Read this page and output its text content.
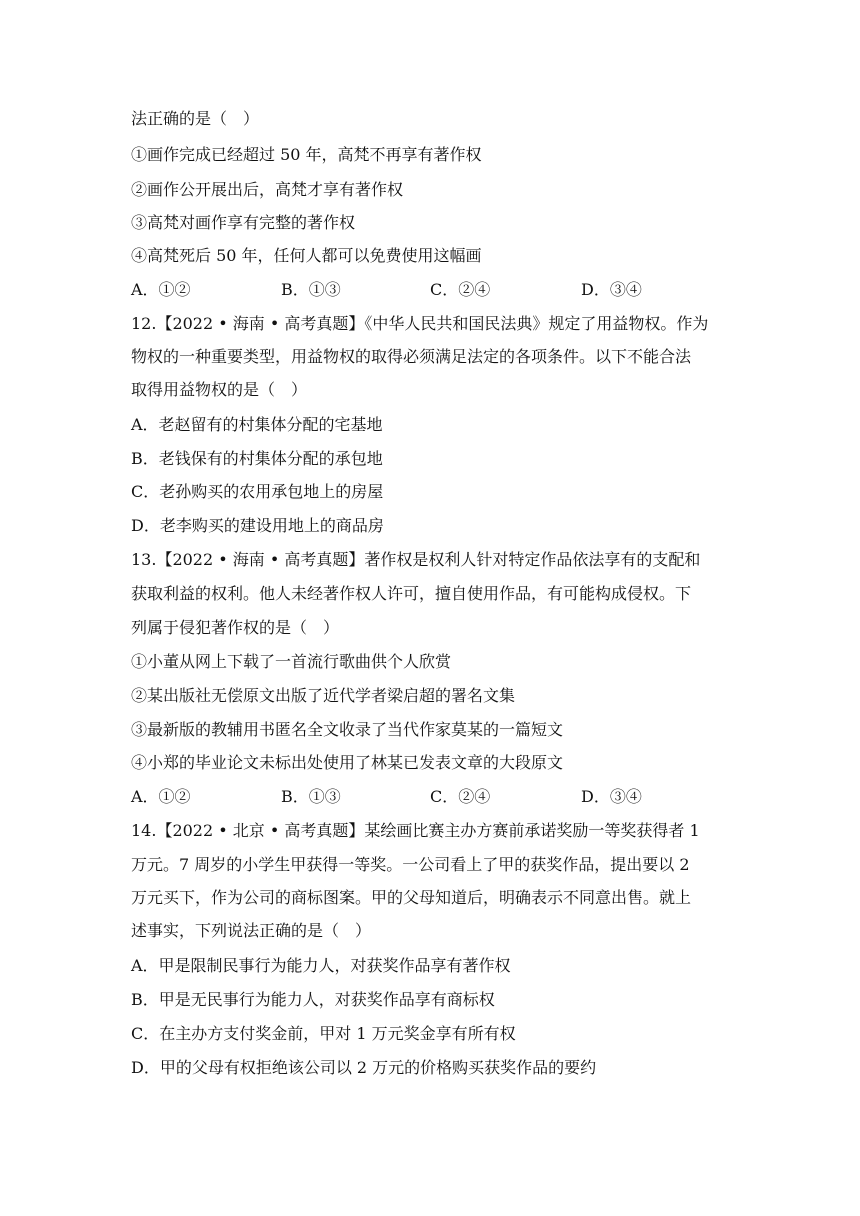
法正确的是（　）
①画作完成已经超过 50 年，高梵不再享有著作权
②画作公开展出后，高梵才享有著作权
③高梵对画作享有完整的著作权
④高梵死后 50 年，任何人都可以免费使用这幅画
A．①②	B．①③	C．②④	D．③④
12.【2022 • 海南 • 高考真题】《中华人民共和国民法典》规定了用益物权。作为
物权的一种重要类型，用益物权的取得必须满足法定的各项条件。以下不能合法
取得用益物权的是（　）
A．老赵留有的村集体分配的宅基地
B．老钱保有的村集体分配的承包地
C．老孙购买的农用承包地上的房屋
D．老李购买的建设用地上的商品房
13.【2022 • 海南 • 高考真题】著作权是权利人针对特定作品依法享有的支配和
获取利益的权利。他人未经著作权人许可，擅自使用作品，有可能构成侵权。下
列属于侵犯著作权的是（　）
①小董从网上下载了一首流行歌曲供个人欣赏
②某出版社无偿原文出版了近代学者梁启超的署名文集
③最新版的教辅用书匿名全文收录了当代作家莫某的一篇短文
④小郑的毕业论文未标出处使用了林某已发表文章的大段原文
A．①②	B．①③	C．②④	D．③④
14.【2022 • 北京 • 高考真题】某绘画比赛主办方赛前承诺奖励一等奖获得者 1
万元。7 周岁的小学生甲获得一等奖。一公司看上了甲的获奖作品，提出要以 2
万元买下，作为公司的商标图案。甲的父母知道后，明确表示不同意出售。就上
述事实，下列说法正确的是（　）
A．甲是限制民事行为能力人，对获奖作品享有著作权
B．甲是无民事行为能力人，对获奖作品享有商标权
C．在主办方支付奖金前，甲对 1 万元奖金享有所有权
D．甲的父母有权拒绝该公司以 2 万元的价格购买获奖作品的要约
